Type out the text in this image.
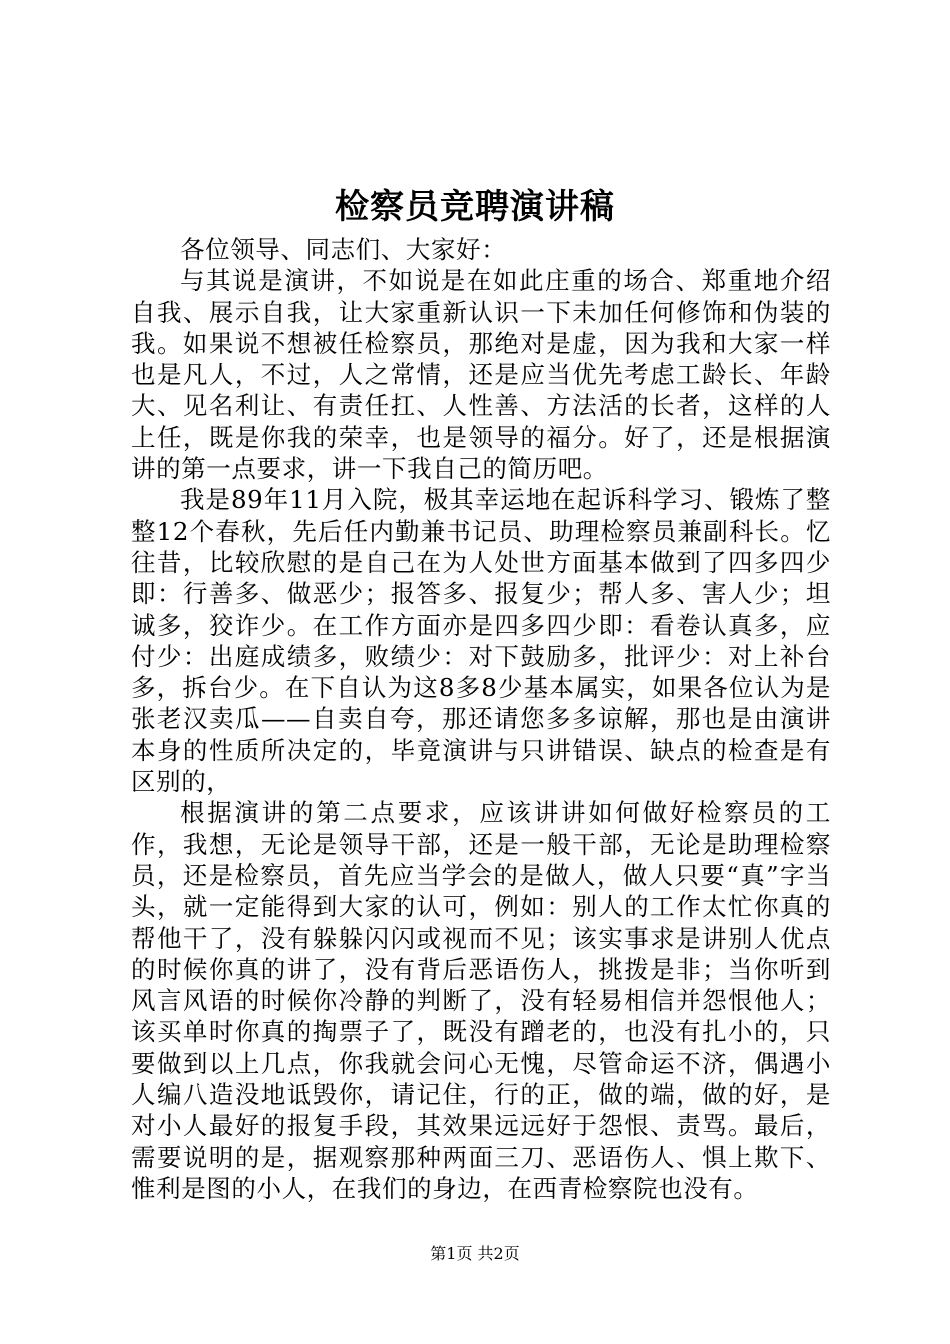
检察员竞聘演讲稿

各位领导、同志们、大家好：

与其说是演讲，不如说是在如此庄重的场合、郑重地介绍自我、展示自我，让大家重新认识一下未加任何修饰和伪装的我。如果说不想被任检察员，那绝对是虚，因为我和大家一样也是凡人，不过，人之常情，还是应当优先考虑工龄长、年龄大、见名利让、有责任扛、人性善、方法活的长者，这样的人上任，既是你我的荣幸，也是领导的福分。好了，还是根据演讲的第一点要求，讲一下我自己的简历吧。

我是89年11月入院，极其幸运地在起诉科学习、锻炼了整整12个春秋，先后任内勤兼书记员、助理检察员兼副科长。忆往昔，比较欣慰的是自己在为人处世方面基本做到了四多四少即：行善多、做恶少；报答多、报复少；帮人多、害人少；坦诚多，狡诈少。在工作方面亦是四多四少即：看卷认真多，应付少：出庭成绩多，败绩少：对下鼓励多，批评少：对上补台多，拆台少。在下自认为这8多8少基本属实，如果各位认为是张老汉卖瓜——自卖自夸，那还请您多多谅解，那也是由演讲本身的性质所决定的，毕竟演讲与只讲错误、缺点的检查是有区别的，

根据演讲的第二点要求，应该讲讲如何做好检察员的工作，我想，无论是领导干部，还是一般干部，无论是助理检察员，还是检察员，首先应当学会的是做人，做人只要“真”字当头，就一定能得到大家的认可，例如：别人的工作太忙你真的帮他干了，没有躲躲闪闪或视而不见；该实事求是讲别人优点的时候你真的讲了，没有背后恶语伤人，挑拨是非；当你听到风言风语的时候你冷静的判断了，没有轻易相信并怨恨他人；该买单时你真的掏票子了，既没有蹭老的，也没有扎小的，只要做到以上几点，你我就会问心无愧，尽管命运不济，偶遇小人编八造没地诋毁你，请记住，行的正，做的端，做的好，是对小人最好的报复手段，其效果远远好于怨恨、责骂。最后，需要说明的是，据观察那种两面三刀、恶语伤人、惧上欺下、惟利是图的小人，在我们的身边，在西青检察院也没有。

第1页 共2页
